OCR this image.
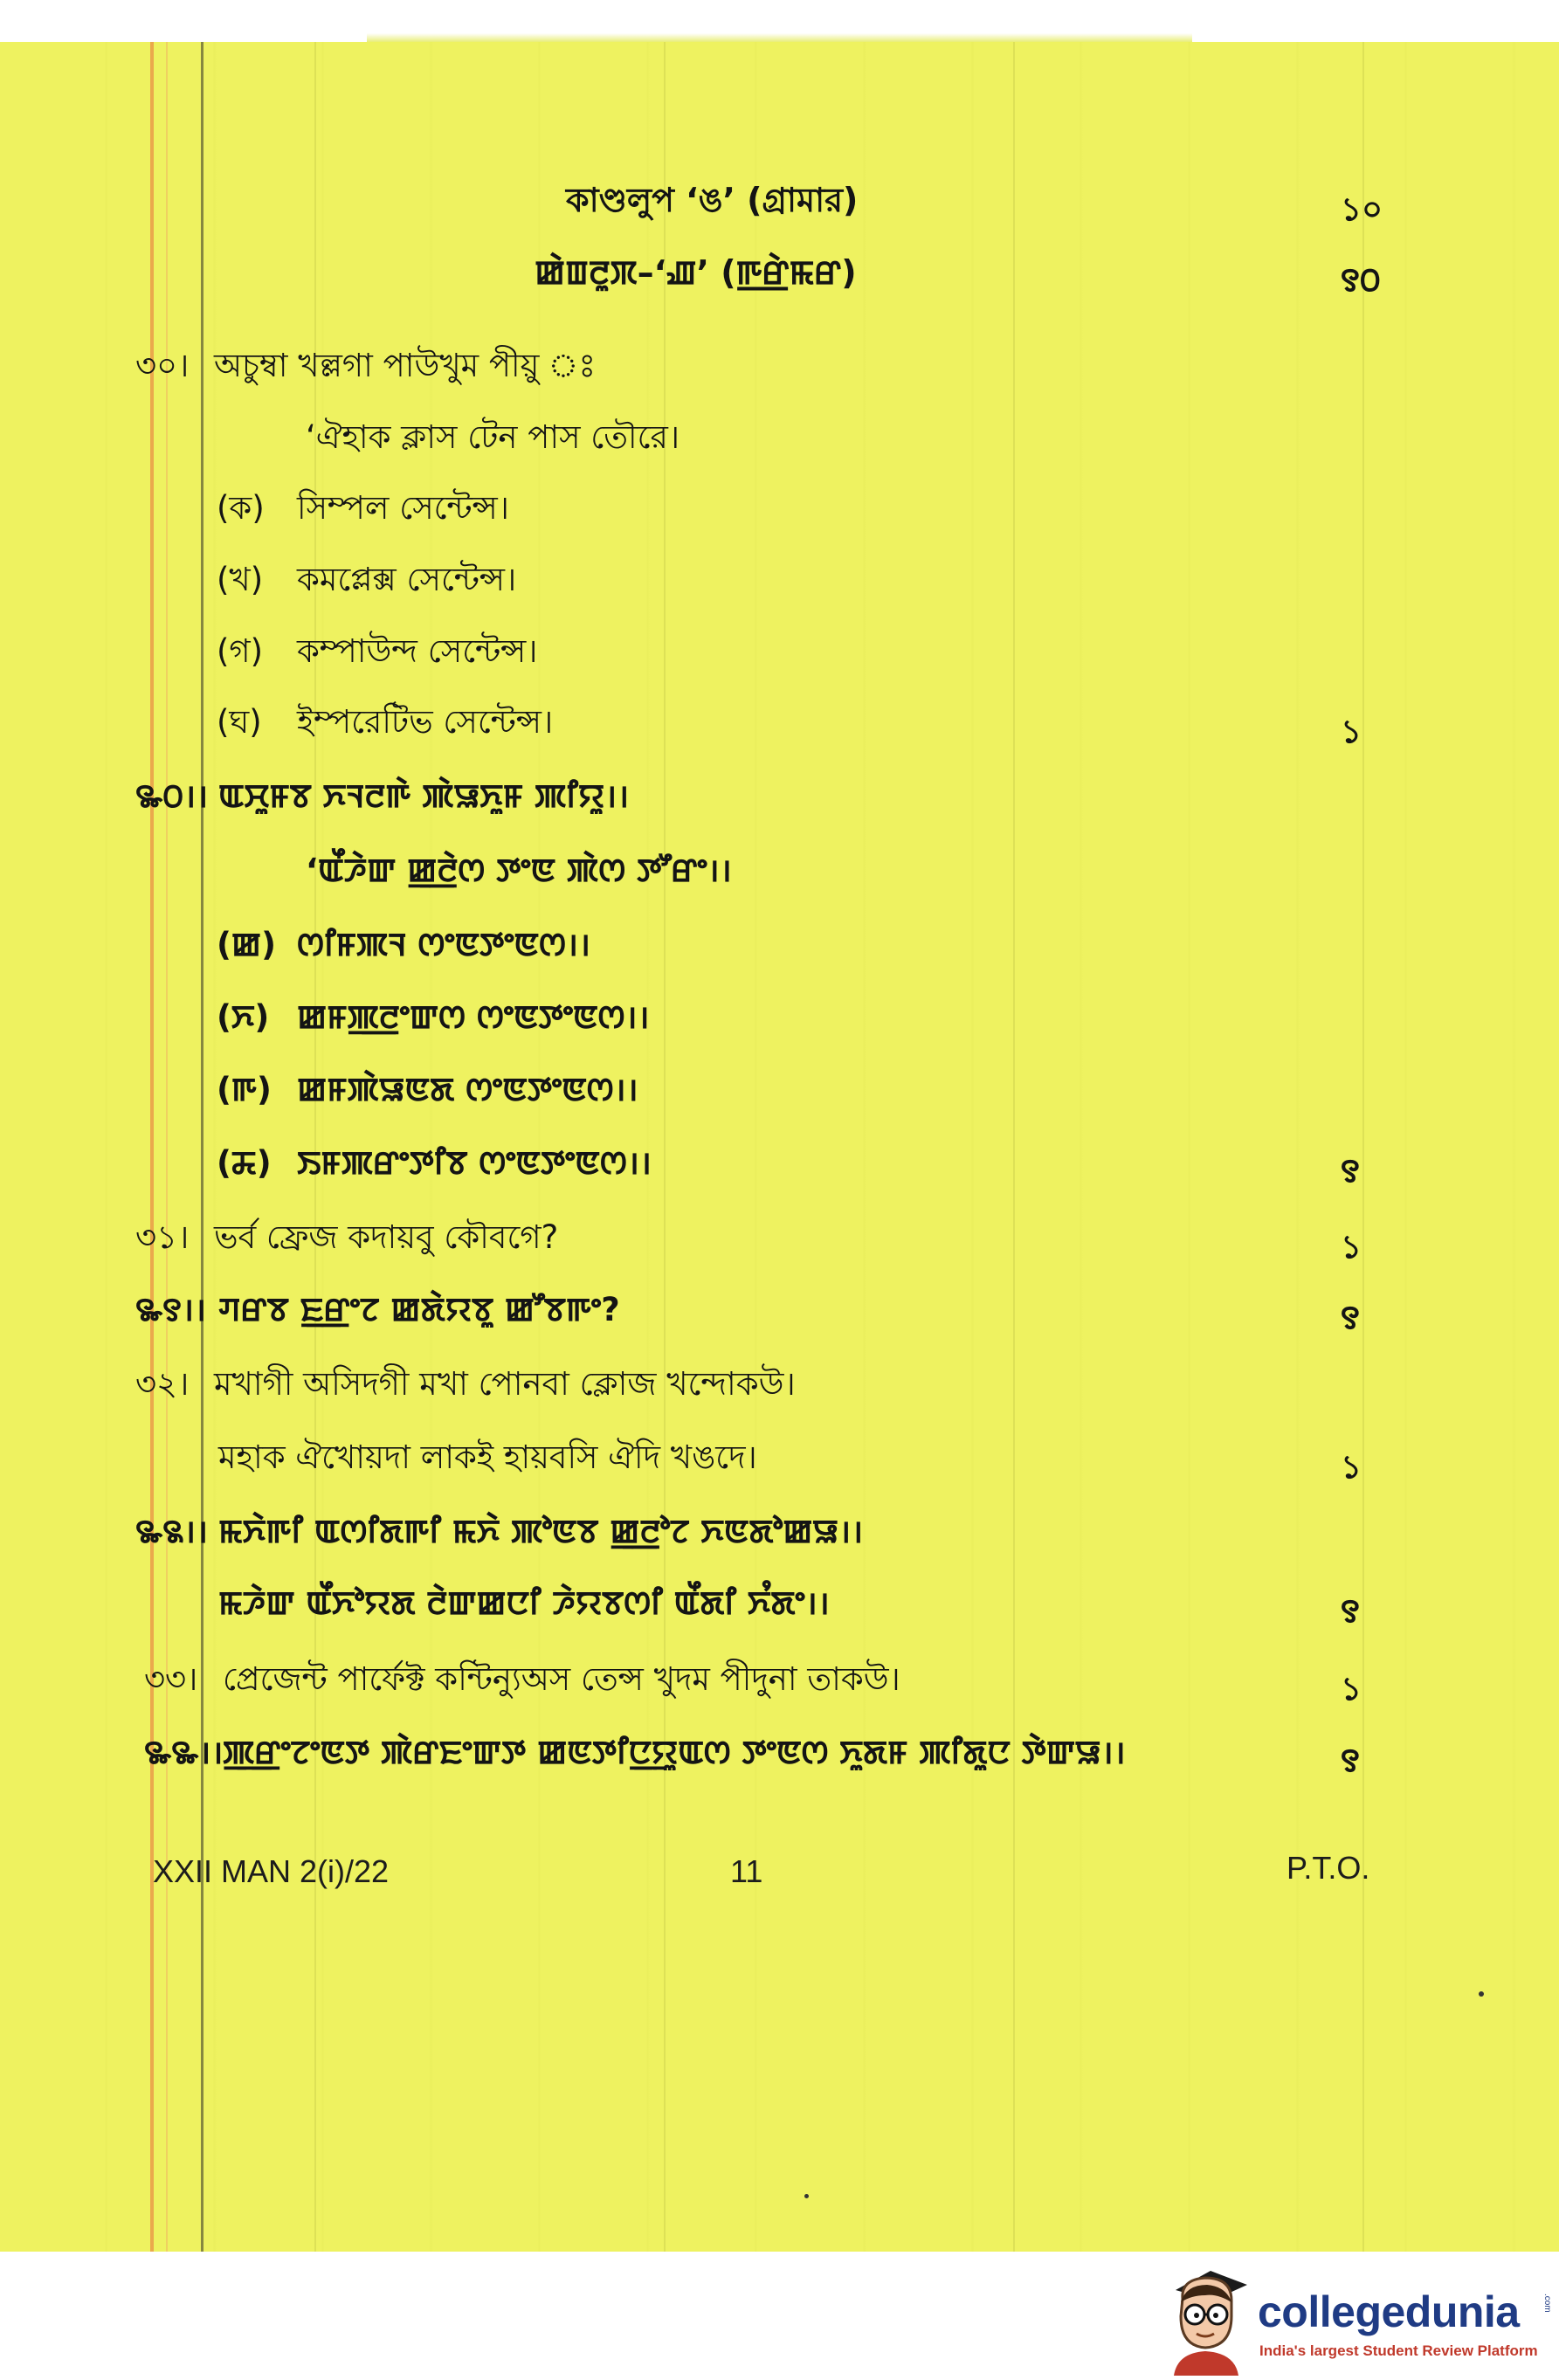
কাণ্ডলুপ ‘ঙ’ (গ্রামার)	১০
ꯀꯥꯡꯂꯨꯞ–‘ꯉ’ (ꯒ꯭ꯔꯥꯃꯔ)	꯱꯰
৩০। অচুম্বা খল্লগা পাউখুম পীয়ু ঃ
‘ঐহাক ক্লাস টেন পাস তৌরে।
(ক) সিম্পল সেন্টেন্স।
(খ) কমপ্লেক্স সেন্টেন্স।
(গ) কম্পাউন্দ সেন্টেন্স।
(ঘ) ইম্পরেটিভ সেন্টেন্স।	১
꯳꯰।। ꯑꯆꯨꯝꯕ ꯈꯜꯂꯒꯥ ꯄꯥꯎꯈꯨꯝ ꯄꯤꯌꯨ।।
‘ꯑꯩꯍꯥꯛ ꯀ꯭ꯂꯥꯁ ꯇꯦꯟ ꯄꯥꯁ ꯇꯧꯔꯦ।।
(ꯀ) ꯁꯤꯝꯄꯜ ꯁꯦꯟꯇꯦꯟꯁ।।
(ꯈ) ꯀꯝꯄ꯭ꯂꯦꯛꯁ ꯁꯦꯟꯇꯦꯟꯁ।।
(ꯒ) ꯀꯝꯄꯥꯎꯟꯗ ꯁꯦꯟꯇꯦꯟꯁ।।
(ꯘ) ꯏꯝꯄꯔꯦꯇꯤꯕ ꯁꯦꯟꯇꯦꯟꯁ।।	꯱
৩১। ভর্ব ফ্রেজ কদায়বু কৌবগে?	১
꯳꯱।। ꯚꯔꯕ ꯐ꯭ꯔꯦꯖ ꯀꯗꯥꯌꯕꯨ ꯀꯧꯕꯒꯦ?	꯱
৩২। মখাগী অসিদগী মখা পোনবা ক্লোজ খন্দোকউ।
মহাক ঐখোয়দা লাকই হায়বসি ঐদি খঙদে।	১
꯳꯲।। ꯃꯈꯥꯒꯤ ꯑꯁꯤꯗꯒꯤ ꯃꯈꯥ ꯄꯣꯟꯕ ꯀ꯭ꯂꯣꯖ ꯈꯟꯗꯣꯀꯎ।।
ꯃꯍꯥꯛ ꯑꯩꯈꯣꯌꯗ ꯂꯥꯛꯀꯅꯤ ꯍꯥꯌꯕꯁꯤ ꯑꯩꯗꯤ ꯈꯪꯗꯦ।।	꯱
৩৩। প্রেজেন্ট পার্ফেক্ট কন্টিন্যুঅস তেন্স খুদম পীদুনা তাকউ।	১
꯳꯳।। ꯄ꯭ꯔꯦꯖꯦꯟꯇ ꯄꯥꯔꯐꯦꯛꯇ ꯀꯟꯇꯤꯅ꯭ꯌꯨꯑꯁ ꯇꯦꯟꯁ ꯈꯨꯗꯝ ꯄꯤꯗꯨꯅ ꯇꯥꯛꯎ।।	꯱
XXII MAN 2(i)/22	11	P.T.O.
collegedunia	.com
India's largest Student Review Platform
